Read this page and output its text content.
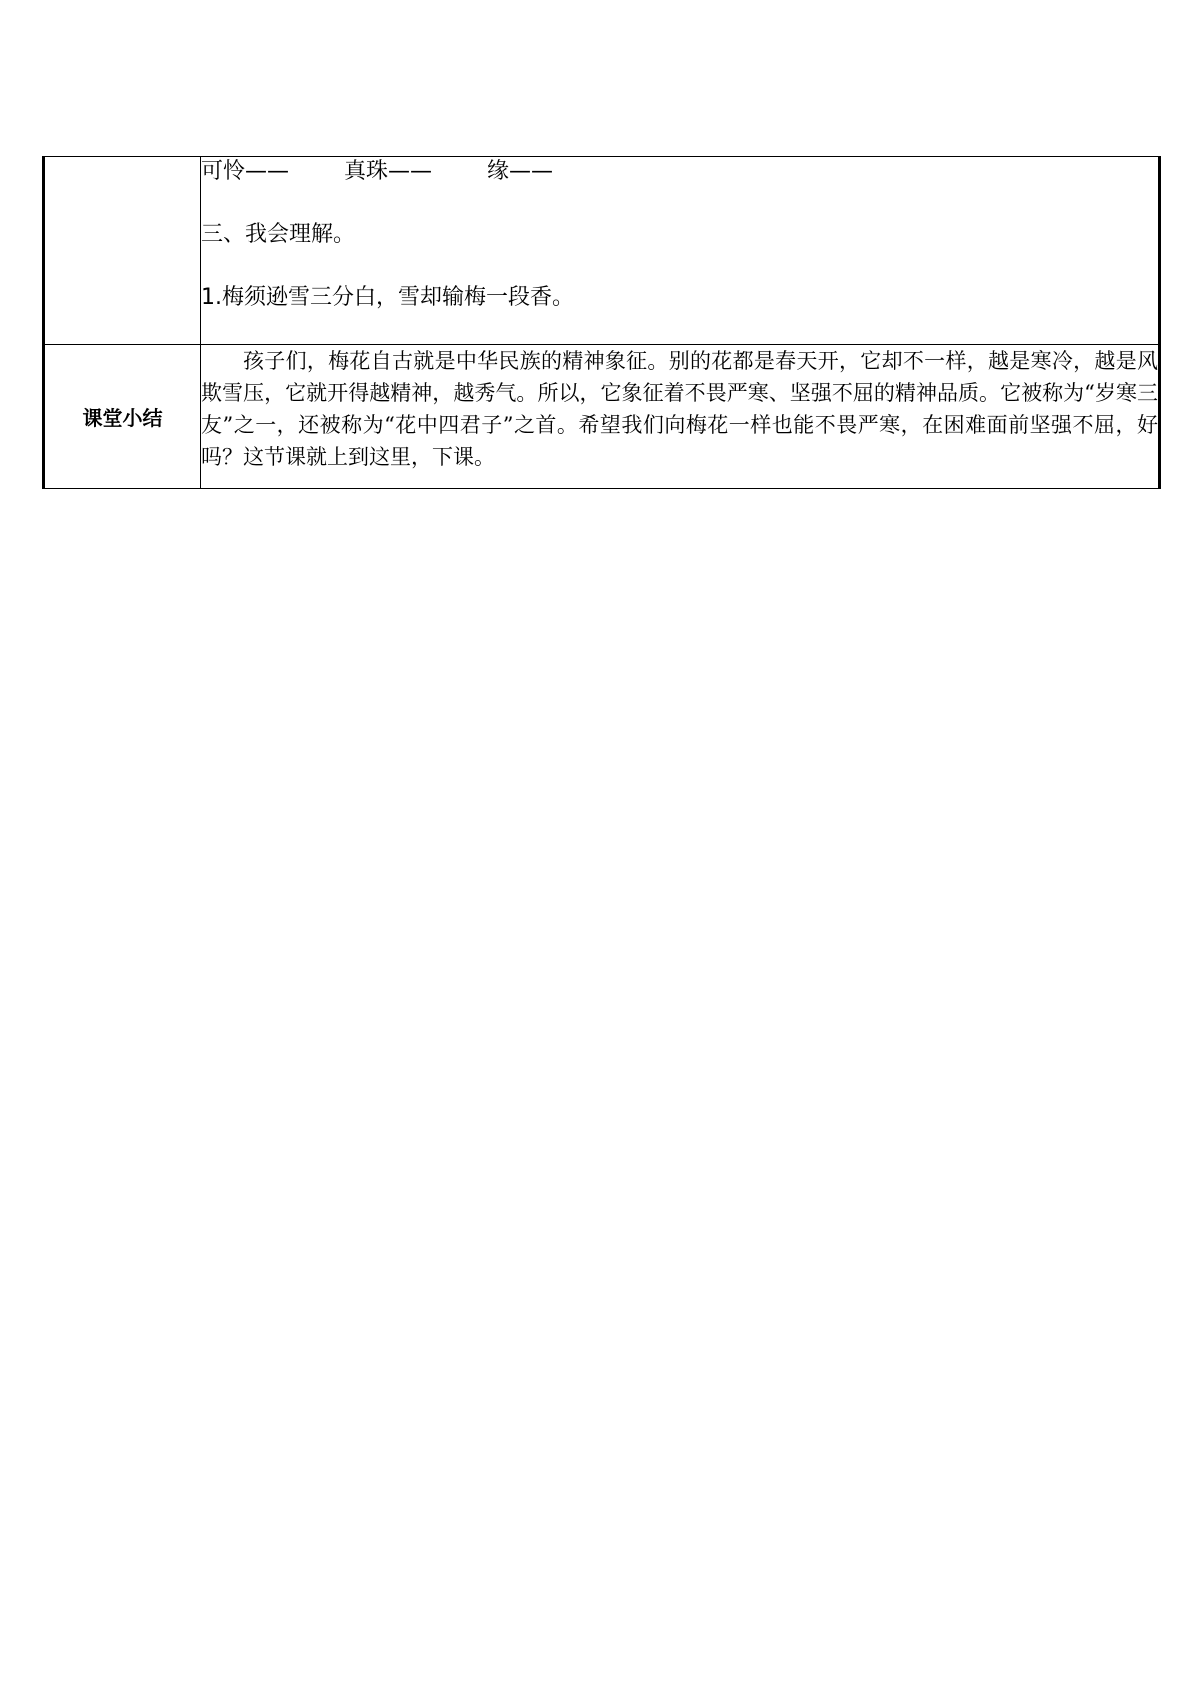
	可怜—— 真珠—— 缘——

三、我会理解。

1.梅须逊雪三分白，雪却输梅一段香。

课堂小结	孩子们，梅花自古就是中华民族的精神象征。别的花都是春天开，它却不一样，越是寒冷，越是风欺雪压，它就开得越精神，越秀气。所以，它象征着不畏严寒、坚强不屈的精神品质。它被称为“岁寒三友”之一，还被称为“花中四君子”之首。希望我们向梅花一样也能不畏严寒，在困难面前坚强不屈，好吗？这节课就上到这里，下课。
